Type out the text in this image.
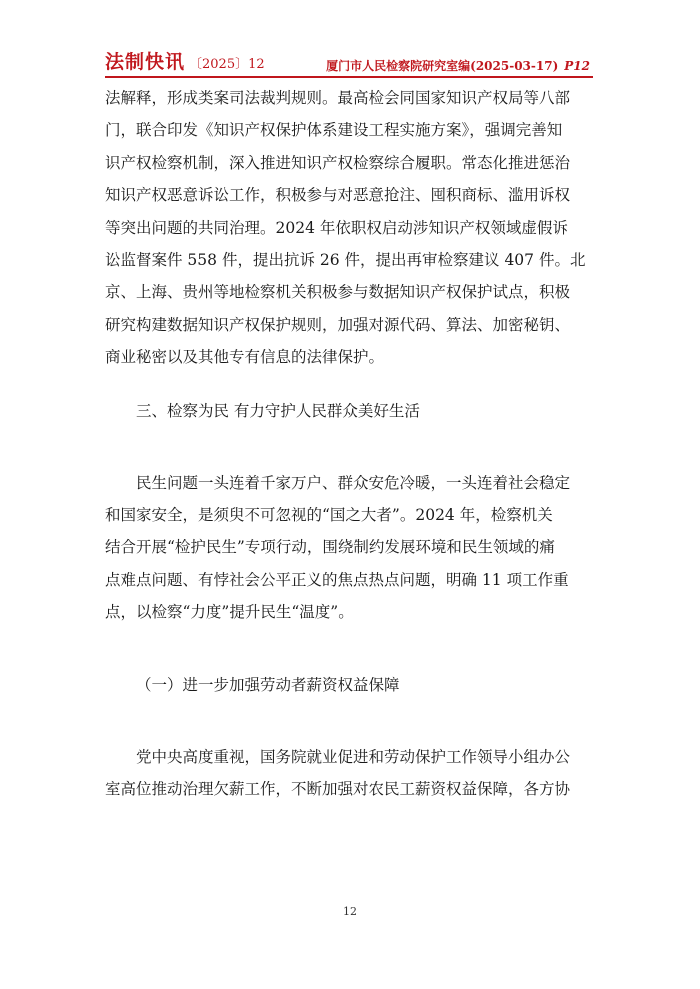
法制快讯 〔2025〕12	厦门市人民检察院研究室编(2025-03-17) P12

法解释，形成类案司法裁判规则。最高检会同国家知识产权局等八部
门，联合印发《知识产权保护体系建设工程实施方案》，强调完善知
识产权检察机制，深入推进知识产权检察综合履职。常态化推进惩治
知识产权恶意诉讼工作，积极参与对恶意抢注、囤积商标、滥用诉权
等突出问题的共同治理。2024 年依职权启动涉知识产权领域虚假诉
讼监督案件 558 件，提出抗诉 26 件，提出再审检察建议 407 件。北
京、上海、贵州等地检察机关积极参与数据知识产权保护试点，积极
研究构建数据知识产权保护规则，加强对源代码、算法、加密秘钥、
商业秘密以及其他专有信息的法律保护。

三、检察为民 有力守护人民群众美好生活

民生问题一头连着千家万户、群众安危冷暖，一头连着社会稳定
和国家安全，是须臾不可忽视的“国之大者”。2024 年，检察机关
结合开展“检护民生”专项行动，围绕制约发展环境和民生领域的痛
点难点问题、有悖社会公平正义的焦点热点问题，明确 11 项工作重
点，以检察“力度”提升民生“温度”。

（一）进一步加强劳动者薪资权益保障

党中央高度重视，国务院就业促进和劳动保护工作领导小组办公
室高位推动治理欠薪工作，不断加强对农民工薪资权益保障，各方协

12
